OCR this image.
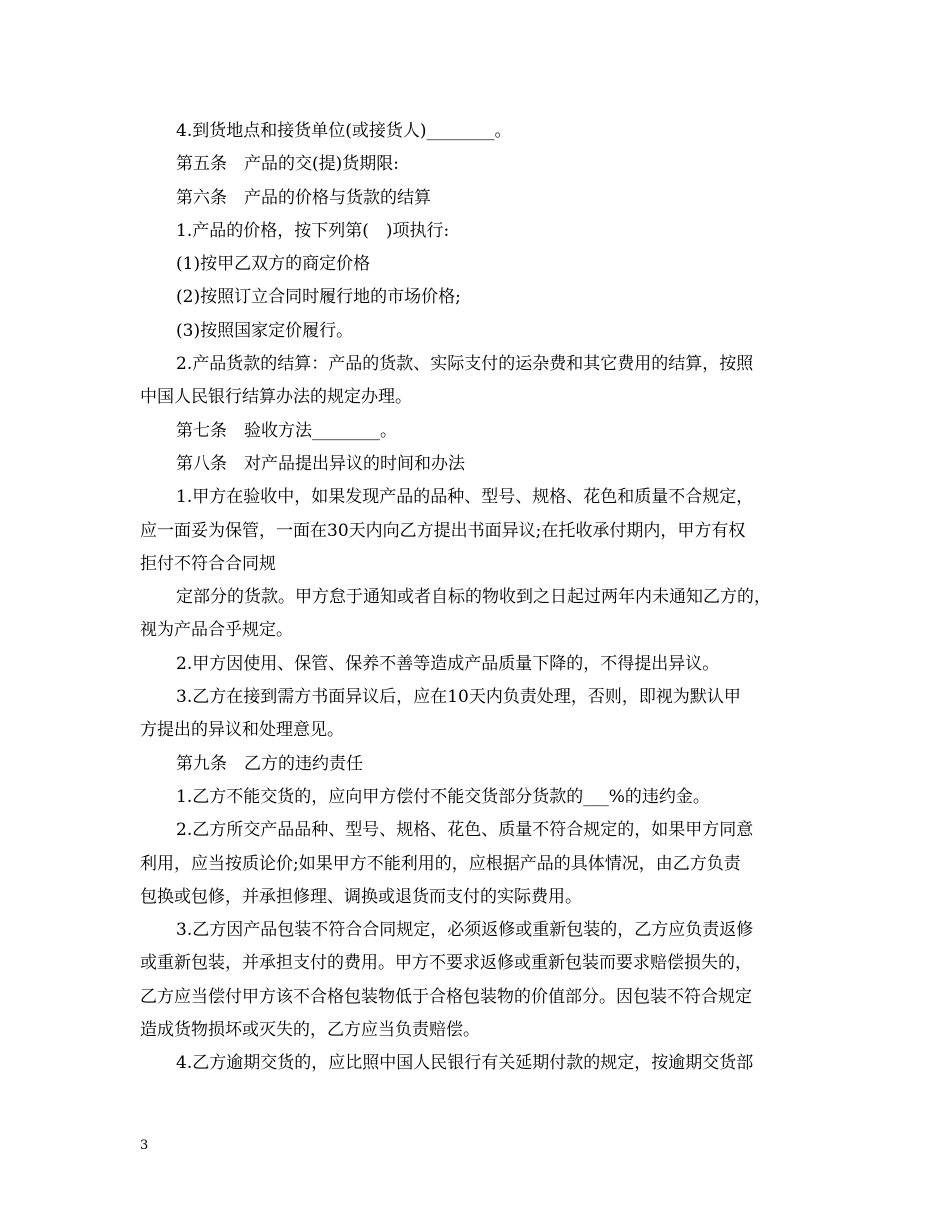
4.到货地点和接货单位(或接货人)________。
第五条　产品的交(提)货期限:
第六条　产品的价格与货款的结算
1.产品的价格，按下列第(　)项执行:
(1)按甲乙双方的商定价格
(2)按照订立合同时履行地的市场价格;
(3)按照国家定价履行。
2.产品货款的结算：产品的货款、实际支付的运杂费和其它费用的结算，按照
中国人民银行结算办法的规定办理。
第七条　验收方法________。
第八条　对产品提出异议的时间和办法
1.甲方在验收中，如果发现产品的品种、型号、规格、花色和质量不合规定，
应一面妥为保管，一面在30天内向乙方提出书面异议;在托收承付期内，甲方有权
拒付不符合合同规
定部分的货款。甲方怠于通知或者自标的物收到之日起过两年内未通知乙方的，
视为产品合乎规定。
2.甲方因使用、保管、保养不善等造成产品质量下降的，不得提出异议。
3.乙方在接到需方书面异议后，应在10天内负责处理，否则，即视为默认甲
方提出的异议和处理意见。
第九条　乙方的违约责任
1.乙方不能交货的，应向甲方偿付不能交货部分货款的___%的违约金。
2.乙方所交产品品种、型号、规格、花色、质量不符合规定的，如果甲方同意
利用，应当按质论价;如果甲方不能利用的，应根据产品的具体情况，由乙方负责
包换或包修，并承担修理、调换或退货而支付的实际费用。
3.乙方因产品包装不符合合同规定，必须返修或重新包装的，乙方应负责返修
或重新包装，并承担支付的费用。甲方不要求返修或重新包装而要求赔偿损失的，
乙方应当偿付甲方该不合格包装物低于合格包装物的价值部分。因包装不符合规定
造成货物损坏或灭失的，乙方应当负责赔偿。
4.乙方逾期交货的，应比照中国人民银行有关延期付款的规定，按逾期交货部
3
